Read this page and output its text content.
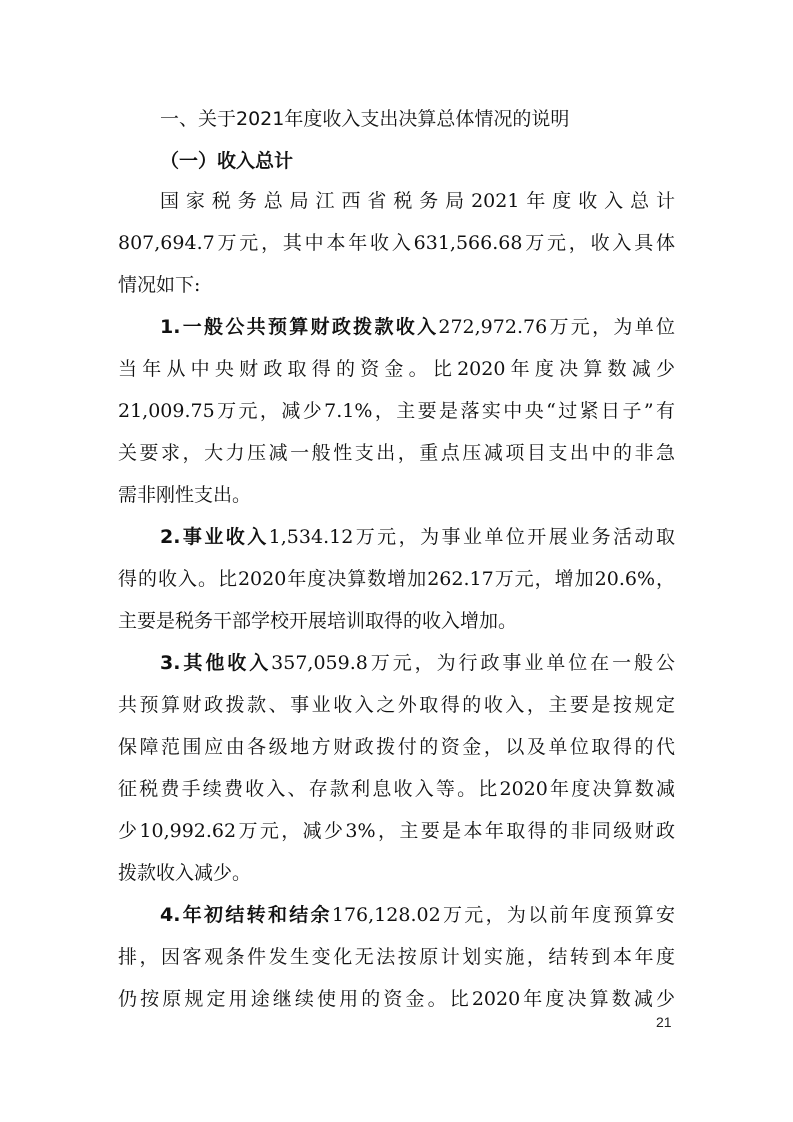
一、关于2021年度收入支出决算总体情况的说明
（一）收入总计
国家税务总局江西省税务局2021年度收入总计
807,694.7万元，其中本年收入631,566.68万元，收入具体
情况如下:
1.一般公共预算财政拨款收入272,972.76万元，为单位
当年从中央财政取得的资金。比2020年度决算数减少
21,009.75万元，减少7.1%，主要是落实中央“过紧日子”有
关要求，大力压减一般性支出，重点压减项目支出中的非急
需非刚性支出。
2.事业收入1,534.12万元，为事业单位开展业务活动取
得的收入。比2020年度决算数增加262.17万元，增加20.6%，
主要是税务干部学校开展培训取得的收入增加。
3.其他收入357,059.8万元，为行政事业单位在一般公
共预算财政拨款、事业收入之外取得的收入，主要是按规定
保障范围应由各级地方财政拨付的资金，以及单位取得的代
征税费手续费收入、存款利息收入等。比2020年度决算数减
少10,992.62万元，减少3%，主要是本年取得的非同级财政
拨款收入减少。
4.年初结转和结余176,128.02万元，为以前年度预算安
排，因客观条件发生变化无法按原计划实施，结转到本年度
仍按原规定用途继续使用的资金。比2020年度决算数减少
21
